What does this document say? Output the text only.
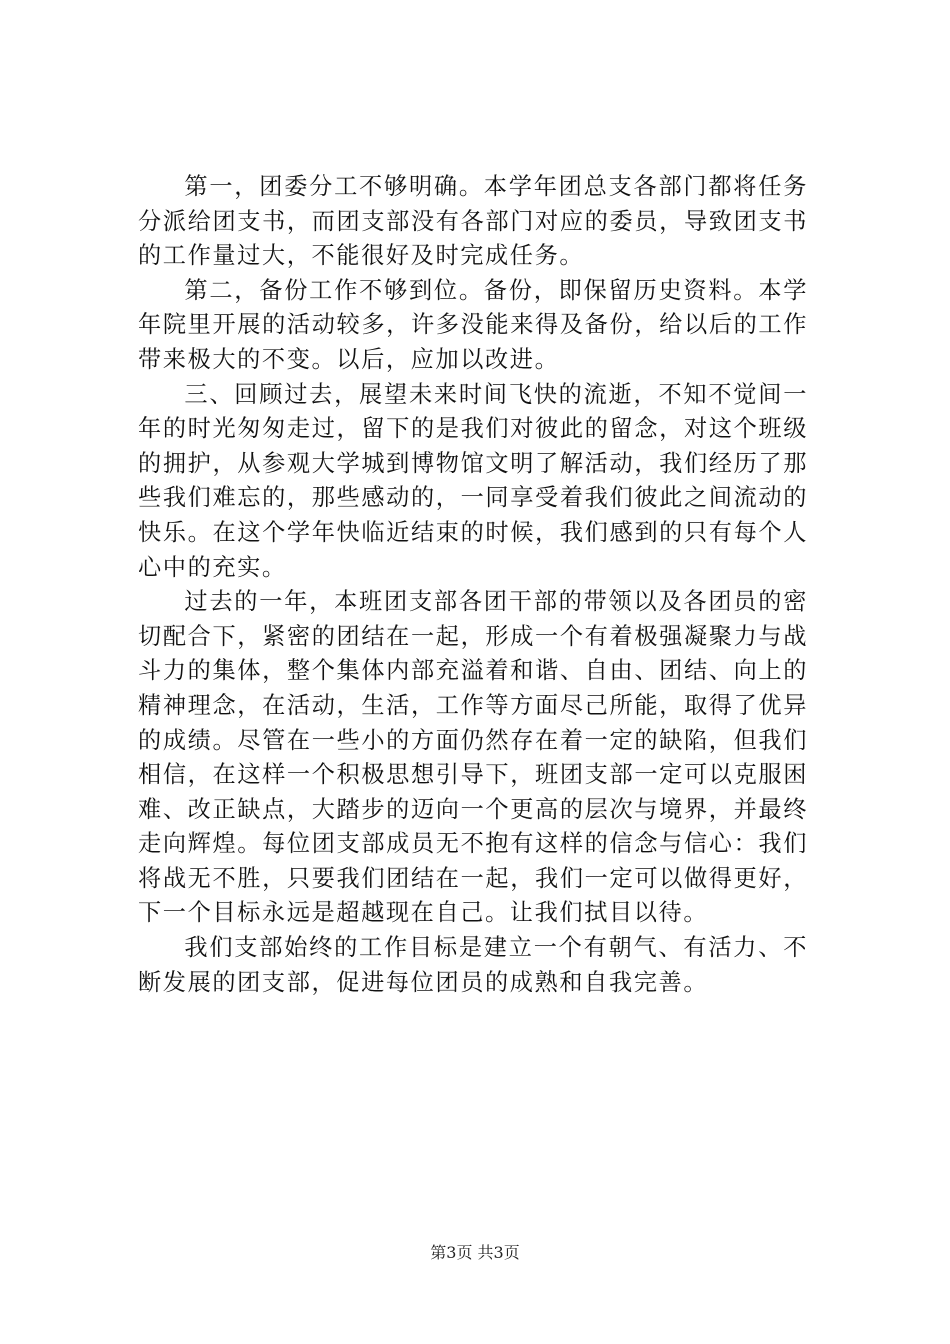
第一，团委分工不够明确。本学年团总支各部门都将任务分派给团支书，而团支部没有各部门对应的委员，导致团支书的工作量过大，不能很好及时完成任务。

第二，备份工作不够到位。备份，即保留历史资料。本学年院里开展的活动较多，许多没能来得及备份，给以后的工作带来极大的不变。以后，应加以改进。

三、回顾过去，展望未来时间飞快的流逝，不知不觉间一年的时光匆匆走过，留下的是我们对彼此的留念，对这个班级的拥护，从参观大学城到博物馆文明了解活动，我们经历了那些我们难忘的，那些感动的，一同享受着我们彼此之间流动的快乐。在这个学年快临近结束的时候，我们感到的只有每个人心中的充实。

过去的一年，本班团支部各团干部的带领以及各团员的密切配合下，紧密的团结在一起，形成一个有着极强凝聚力与战斗力的集体，整个集体内部充溢着和谐、自由、团结、向上的精神理念，在活动，生活，工作等方面尽己所能，取得了优异的成绩。尽管在一些小的方面仍然存在着一定的缺陷，但我们相信，在这样一个积极思想引导下，班团支部一定可以克服困难、改正缺点，大踏步的迈向一个更高的层次与境界，并最终走向辉煌。每位团支部成员无不抱有这样的信念与信心：我们将战无不胜，只要我们团结在一起，我们一定可以做得更好，下一个目标永远是超越现在自己。让我们拭目以待。

我们支部始终的工作目标是建立一个有朝气、有活力、不断发展的团支部，促进每位团员的成熟和自我完善。

第3页 共3页
